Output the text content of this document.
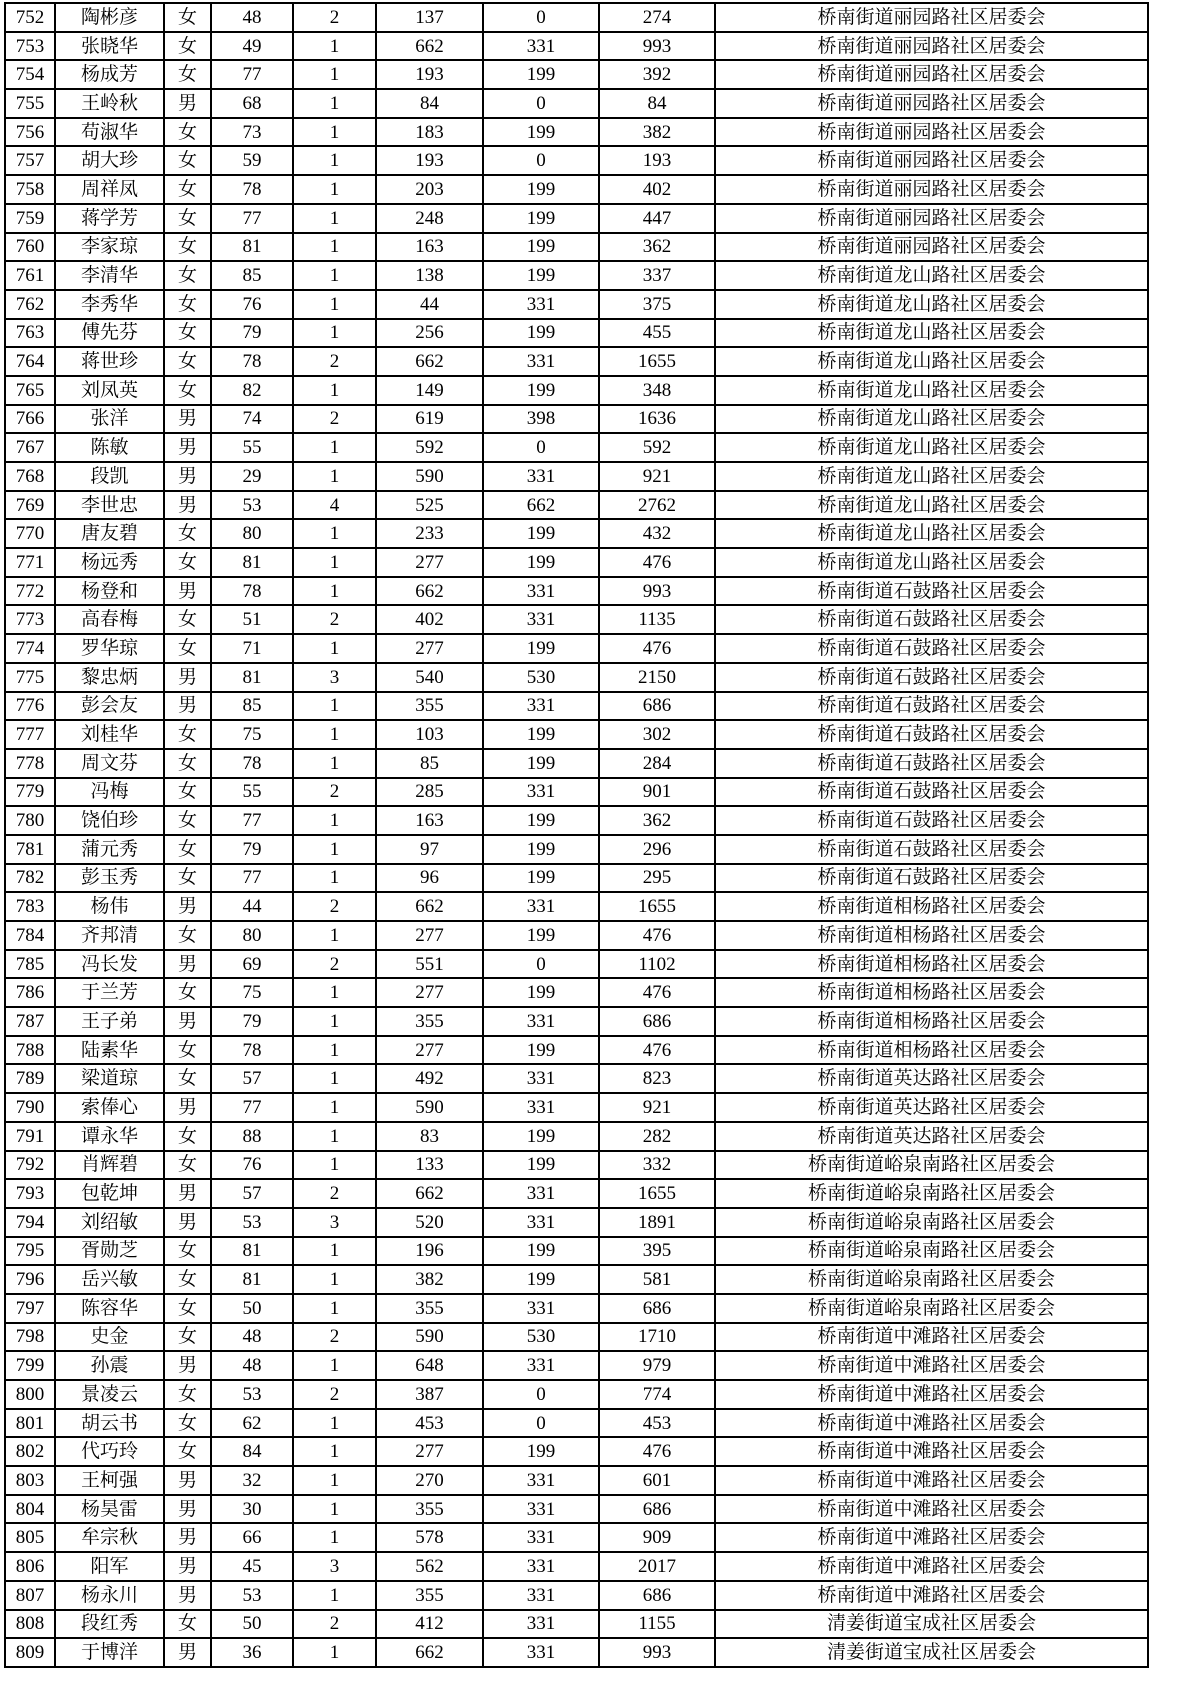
752	陶彬彦	女	48	2	137	0	274	桥南街道丽园路社区居委会
753	张晓华	女	49	1	662	331	993	桥南街道丽园路社区居委会
754	杨成芳	女	77	1	193	199	392	桥南街道丽园路社区居委会
755	王岭秋	男	68	1	84	0	84	桥南街道丽园路社区居委会
756	苟淑华	女	73	1	183	199	382	桥南街道丽园路社区居委会
757	胡大珍	女	59	1	193	0	193	桥南街道丽园路社区居委会
758	周祥凤	女	78	1	203	199	402	桥南街道丽园路社区居委会
759	蒋学芳	女	77	1	248	199	447	桥南街道丽园路社区居委会
760	李家琼	女	81	1	163	199	362	桥南街道丽园路社区居委会
761	李清华	女	85	1	138	199	337	桥南街道龙山路社区居委会
762	李秀华	女	76	1	44	331	375	桥南街道龙山路社区居委会
763	傅先芬	女	79	1	256	199	455	桥南街道龙山路社区居委会
764	蒋世珍	女	78	2	662	331	1655	桥南街道龙山路社区居委会
765	刘凤英	女	82	1	149	199	348	桥南街道龙山路社区居委会
766	张洋	男	74	2	619	398	1636	桥南街道龙山路社区居委会
767	陈敏	男	55	1	592	0	592	桥南街道龙山路社区居委会
768	段凯	男	29	1	590	331	921	桥南街道龙山路社区居委会
769	李世忠	男	53	4	525	662	2762	桥南街道龙山路社区居委会
770	唐友碧	女	80	1	233	199	432	桥南街道龙山路社区居委会
771	杨远秀	女	81	1	277	199	476	桥南街道龙山路社区居委会
772	杨登和	男	78	1	662	331	993	桥南街道石鼓路社区居委会
773	高春梅	女	51	2	402	331	1135	桥南街道石鼓路社区居委会
774	罗华琼	女	71	1	277	199	476	桥南街道石鼓路社区居委会
775	黎忠炳	男	81	3	540	530	2150	桥南街道石鼓路社区居委会
776	彭会友	男	85	1	355	331	686	桥南街道石鼓路社区居委会
777	刘桂华	女	75	1	103	199	302	桥南街道石鼓路社区居委会
778	周文芬	女	78	1	85	199	284	桥南街道石鼓路社区居委会
779	冯梅	女	55	2	285	331	901	桥南街道石鼓路社区居委会
780	饶伯珍	女	77	1	163	199	362	桥南街道石鼓路社区居委会
781	蒲元秀	女	79	1	97	199	296	桥南街道石鼓路社区居委会
782	彭玉秀	女	77	1	96	199	295	桥南街道石鼓路社区居委会
783	杨伟	男	44	2	662	331	1655	桥南街道相杨路社区居委会
784	齐邦清	女	80	1	277	199	476	桥南街道相杨路社区居委会
785	冯长发	男	69	2	551	0	1102	桥南街道相杨路社区居委会
786	于兰芳	女	75	1	277	199	476	桥南街道相杨路社区居委会
787	王子弟	男	79	1	355	331	686	桥南街道相杨路社区居委会
788	陆素华	女	78	1	277	199	476	桥南街道相杨路社区居委会
789	梁道琼	女	57	1	492	331	823	桥南街道英达路社区居委会
790	索俸心	男	77	1	590	331	921	桥南街道英达路社区居委会
791	谭永华	女	88	1	83	199	282	桥南街道英达路社区居委会
792	肖辉碧	女	76	1	133	199	332	桥南街道峪泉南路社区居委会
793	包乾坤	男	57	2	662	331	1655	桥南街道峪泉南路社区居委会
794	刘绍敏	男	53	3	520	331	1891	桥南街道峪泉南路社区居委会
795	胥勋芝	女	81	1	196	199	395	桥南街道峪泉南路社区居委会
796	岳兴敏	女	81	1	382	199	581	桥南街道峪泉南路社区居委会
797	陈容华	女	50	1	355	331	686	桥南街道峪泉南路社区居委会
798	史金	女	48	2	590	530	1710	桥南街道中滩路社区居委会
799	孙震	男	48	1	648	331	979	桥南街道中滩路社区居委会
800	景凌云	女	53	2	387	0	774	桥南街道中滩路社区居委会
801	胡云书	女	62	1	453	0	453	桥南街道中滩路社区居委会
802	代巧玲	女	84	1	277	199	476	桥南街道中滩路社区居委会
803	王柯强	男	32	1	270	331	601	桥南街道中滩路社区居委会
804	杨昊雷	男	30	1	355	331	686	桥南街道中滩路社区居委会
805	牟宗秋	男	66	1	578	331	909	桥南街道中滩路社区居委会
806	阳军	男	45	3	562	331	2017	桥南街道中滩路社区居委会
807	杨永川	男	53	1	355	331	686	桥南街道中滩路社区居委会
808	段红秀	女	50	2	412	331	1155	清姜街道宝成社区居委会
809	于博洋	男	36	1	662	331	993	清姜街道宝成社区居委会
